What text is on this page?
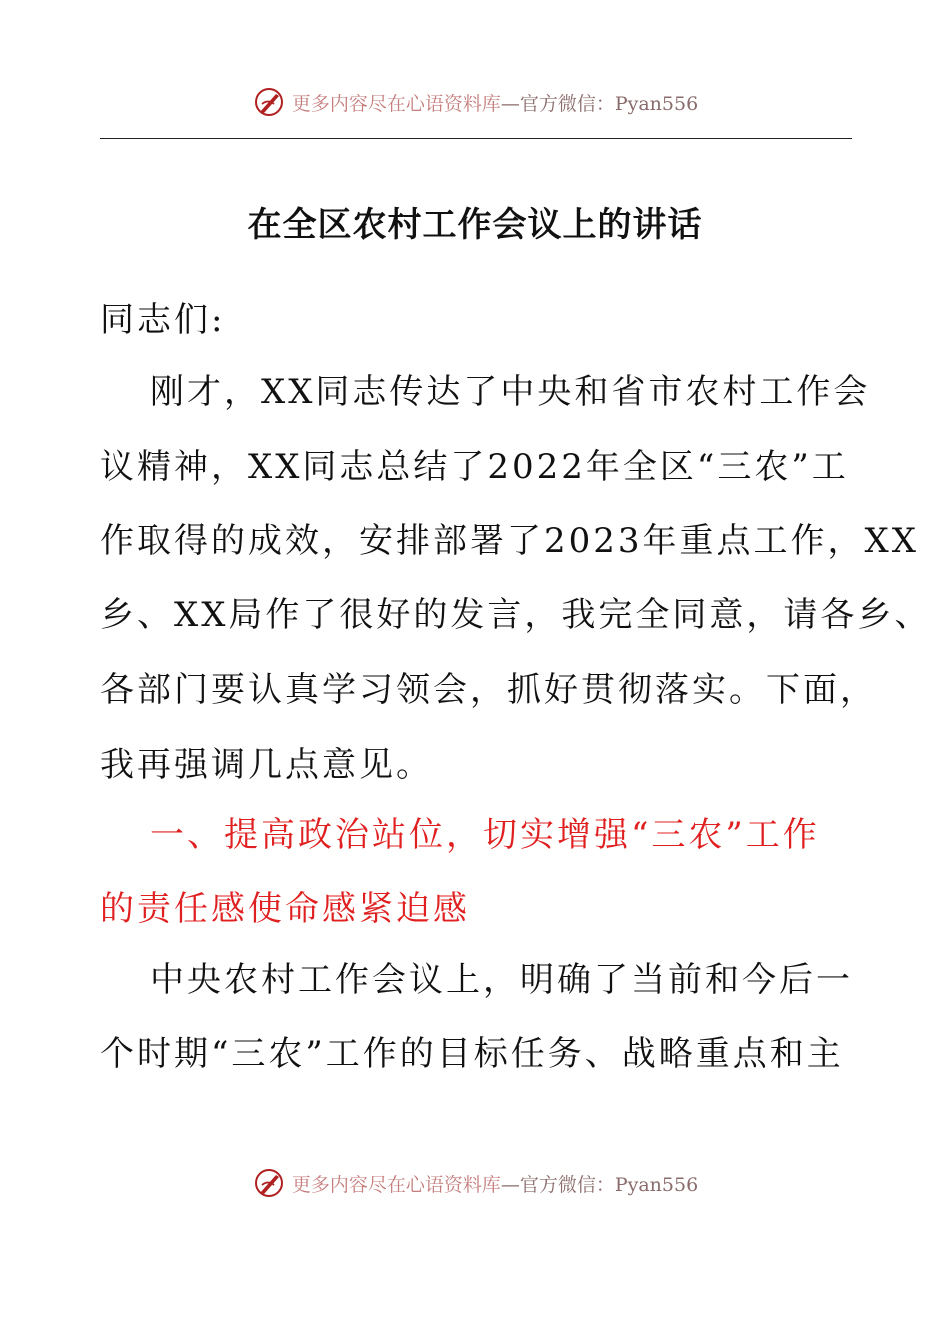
更多内容尽在心语资料库—官方微信：Pyan556
在全区农村工作会议上的讲话
同志们:
刚才，XX同志传达了中央和省市农村工作会
议精神，XX同志总结了2022年全区“三农”工
作取得的成效，安排部署了2023年重点工作，XX
乡、XX局作了很好的发言，我完全同意，请各乡、
各部门要认真学习领会，抓好贯彻落实。下面，
我再强调几点意见。
一、提高政治站位，切实增强“三农”工作
的责任感使命感紧迫感
中央农村工作会议上，明确了当前和今后一
个时期“三农”工作的目标任务、战略重点和主
更多内容尽在心语资料库—官方微信：Pyan556
